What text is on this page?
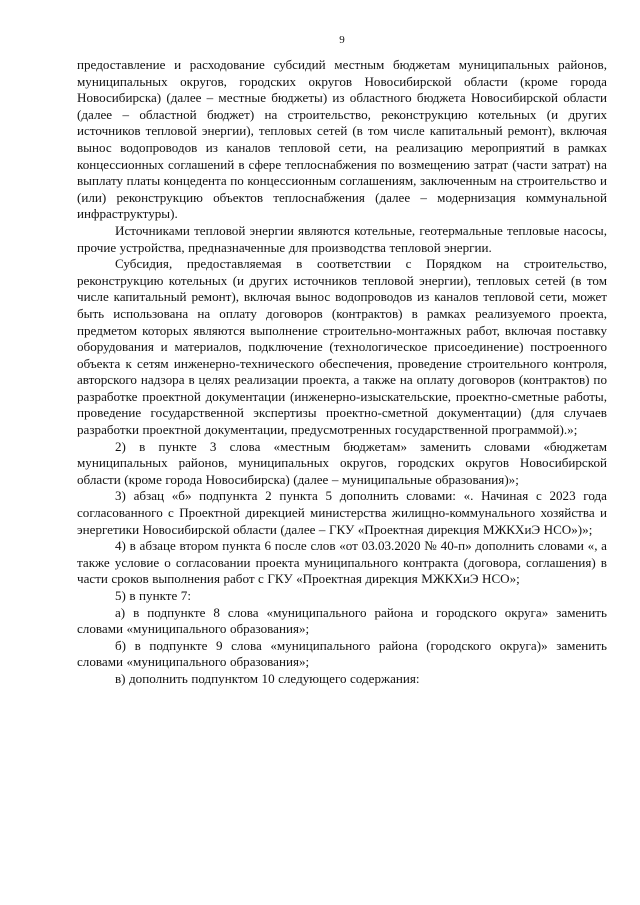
9

предоставление и расходование субсидий местным бюджетам муниципальных районов, муниципальных округов, городских округов Новосибирской области (кроме города Новосибирска) (далее – местные бюджеты) из областного бюджета Новосибирской области (далее – областной бюджет) на строительство, реконструкцию котельных (и других источников тепловой энергии), тепловых сетей (в том числе капитальный ремонт), включая вынос водопроводов из каналов тепловой сети, на реализацию мероприятий в рамках концессионных соглашений в сфере теплоснабжения по возмещению затрат (части затрат) на выплату платы концедента по концессионным соглашениям, заключенным на строительство и (или) реконструкцию объектов теплоснабжения (далее – модернизация коммунальной инфраструктуры).

Источниками тепловой энергии являются котельные, геотермальные тепловые насосы, прочие устройства, предназначенные для производства тепловой энергии.

Субсидия, предоставляемая в соответствии с Порядком на строительство, реконструкцию котельных (и других источников тепловой энергии), тепловых сетей (в том числе капитальный ремонт), включая вынос водопроводов из каналов тепловой сети, может быть использована на оплату договоров (контрактов) в рамках реализуемого проекта, предметом которых являются выполнение строительно-монтажных работ, включая поставку оборудования и материалов, подключение (технологическое присоединение) построенного объекта к сетям инженерно-технического обеспечения, проведение строительного контроля, авторского надзора в целях реализации проекта, а также на оплату договоров (контрактов) по разработке проектной документации (инженерно-изыскательские, проектно-сметные работы, проведение государственной экспертизы проектно-сметной документации) (для случаев разработки проектной документации, предусмотренных государственной программой).»;

2) в пункте 3 слова «местным бюджетам» заменить словами «бюджетам муниципальных районов, муниципальных округов, городских округов Новосибирской области (кроме города Новосибирска) (далее – муниципальные образования)»;

3) абзац «б» подпункта 2 пункта 5 дополнить словами: «. Начиная с 2023 года согласованного с Проектной дирекцией министерства жилищно-коммунального хозяйства и энергетики Новосибирской области (далее – ГКУ «Проектная дирекция МЖКХиЭ НСО»)»;

4) в абзаце втором пункта 6 после слов «от 03.03.2020 № 40-п» дополнить словами «, а также условие о согласовании проекта муниципального контракта (договора, соглашения) в части сроков выполнения работ с ГКУ «Проектная дирекция МЖКХиЭ НСО»;

5) в пункте 7:

а) в подпункте 8 слова «муниципального района и городского округа» заменить словами «муниципального образования»;

б) в подпункте 9 слова «муниципального района (городского округа)» заменить словами «муниципального образования»;

в) дополнить подпунктом 10 следующего содержания:
